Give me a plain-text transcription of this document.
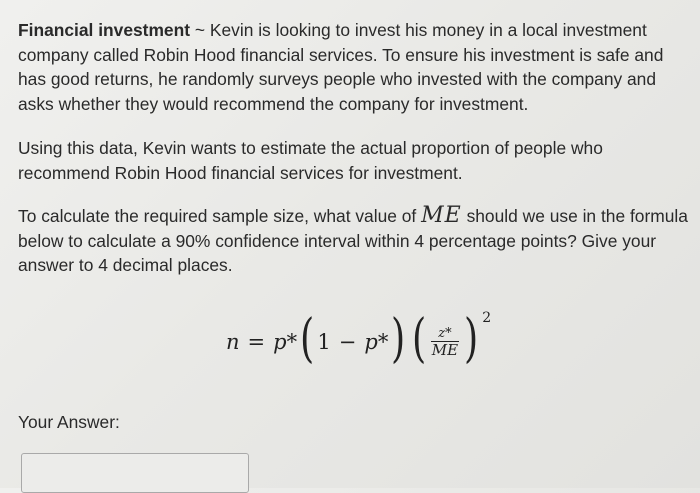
Financial investment ~ Kevin is looking to invest his money in a local investment company called Robin Hood financial services. To ensure his investment is safe and has good returns, he randomly surveys people who invested with the company and asks whether they would recommend the company for investment.

Using this data, Kevin wants to estimate the actual proportion of people who recommend Robin Hood financial services for investment.

To calculate the required sample size, what value of ME should we use in the formula below to calculate a 90% confidence interval within 4 percentage points? Give your answer to 4 decimal places.

n = p* ( 1 − p* ) ( $\frac{z*}{ME}$ ) 2
Your Answer:
